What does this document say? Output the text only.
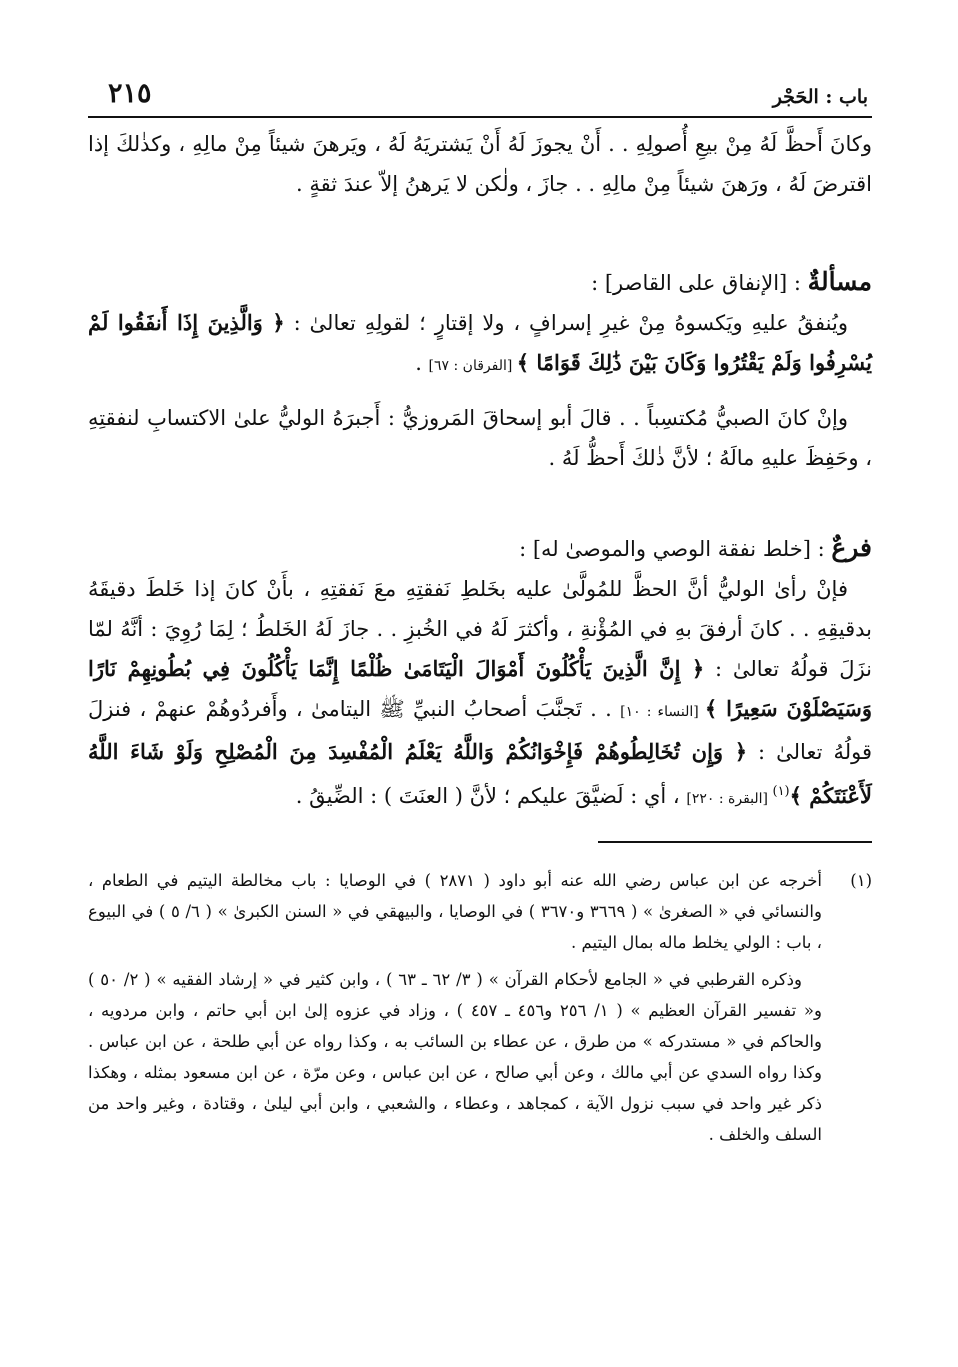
باب : الحَجْر
٢١٥

وكانَ أَحظَّ لَهُ مِنْ بيعِ أُصولِهِ . . أَنْ يجوزَ لَهُ أَنْ يَشتريَهُ لَهُ ، ويَرهنَ شيئاً مِنْ مالِهِ ، وكذٰلكَ إذا اقترضَ لَهُ ، ورَهنَ شيئاً مِنْ مالِهِ . . جازَ ، ولٰكن لا يَرهنُ إلاّ عندَ ثقةٍ .

مسألةٌ : [الإنفاق على القاصر] :

ويُنفقُ عليهِ ويَكسوهُ مِنْ غيرِ إسرافٍ ، ولا إقتارٍ ؛ لقولِهِ تعالىٰ : ﴿ وَالَّذِينَ إِذَا أَنفَقُوا لَمْ يُسْرِفُوا وَلَمْ يَقْتُرُوا وَكَانَ بَيْنَ ذَٰلِكَ قَوَامًا ﴾ [الفرقان : ٦٧] .

وإنْ كانَ الصبيُّ مُكتسِباً . . قالَ أبو إسحاقَ المَروزيُّ : أَجبرَهُ الوليُّ علىٰ الاكتسابِ لنفقتِهِ ، وحَفِظَ عليهِ مالَهُ ؛ لأنَّ ذٰلكَ أَحظُّ لَهُ .

فرعٌ : [خلط نفقة الوصي والموصىٰ له] :

فإنْ رأىٰ الوليُّ أنَّ الحظَّ للمُولَّىٰ عليه بخَلطِ نَفقتِهِ معَ نَفقتِهِ ، بأَنْ كانَ إذا خَلطَ دقيقَهُ بدقيقِهِ . . كانَ أرفقَ بهِ في المُؤْنةِ ، وأكثرَ لَهُ في الخُبزِ . . جازَ لَهُ الخَلطُ ؛ لِمَا رُوِيَ : أنَّهُ لمّا نزَلَ قولُهُ تعالىٰ : ﴿ إِنَّ الَّذِينَ يَأْكُلُونَ أَمْوَالَ الْيَتَامَىٰ ظُلْمًا إِنَّمَا يَأْكُلُونَ فِي بُطُونِهِمْ نَارًا وَسَيَصْلَوْنَ سَعِيرًا ﴾ [النساء : ١٠] . . تَجنَّبَ أصحابُ النبيِّ ﷺ اليتامىٰ ، وأَفردُوهُمْ عنهمْ ، فنزلَ قولُهُ تعالىٰ : ﴿ وَإِن تُخَالِطُوهُمْ فَإِخْوَانُكُمْ وَاللَّهُ يَعْلَمُ الْمُفْسِدَ مِنَ الْمُصْلِحِ وَلَوْ شَاءَ اللَّهُ لَأَعْنَتَكُمْ ﴾$^{(١)}$ [البقرة : ٢٢٠] ، أي : لَضيَّقَ عليكم ؛ لأنَّ ( العنَتَ ) : الضِّيقُ .

(١)
أخرجه عن ابن عباس رضي الله عنه أبو داود ( ٢٨٧١ ) في الوصايا : باب مخالطة اليتيم في الطعام ، والنسائي في « الصغرىٰ » ( ٣٦٦٩ و٣٦٧٠ ) في الوصايا ، والبيهقي في « السنن الكبرىٰ » ( ٦/ ٥ ) في البيوع ، باب : الولي يخلط ماله بمال اليتيم .

وذكره القرطبي في « الجامع لأحكام القرآن » ( ٣/ ٦٢ ـ ٦٣ ) ، وابن كثير في « إرشاد الفقيه » ( ٢/ ٥٠ ) و« تفسير القرآن العظيم » ( ١/ ٢٥٦ و٤٥٦ ـ ٤٥٧ ) ، وزاد في عزوه إلىٰ ابن أبي حاتم ، وابن مردويه ، والحاكم في « مستدركه » من طرق ، عن عطاء بن السائب به ، وكذا رواه عن أبي طلحة ، عن ابن عباس . وكذا رواه السدي عن أبي مالك ، وعن أبي صالح ، عن ابن عباس ، وعن مرّة ، عن ابن مسعود بمثله ، وهكذا ذكر غير واحد في سبب نزول الآية ، كمجاهد ، وعطاء ، والشعبي ، وابن أبي ليلىٰ ، وقتادة ، وغير واحد من السلف والخلف .
